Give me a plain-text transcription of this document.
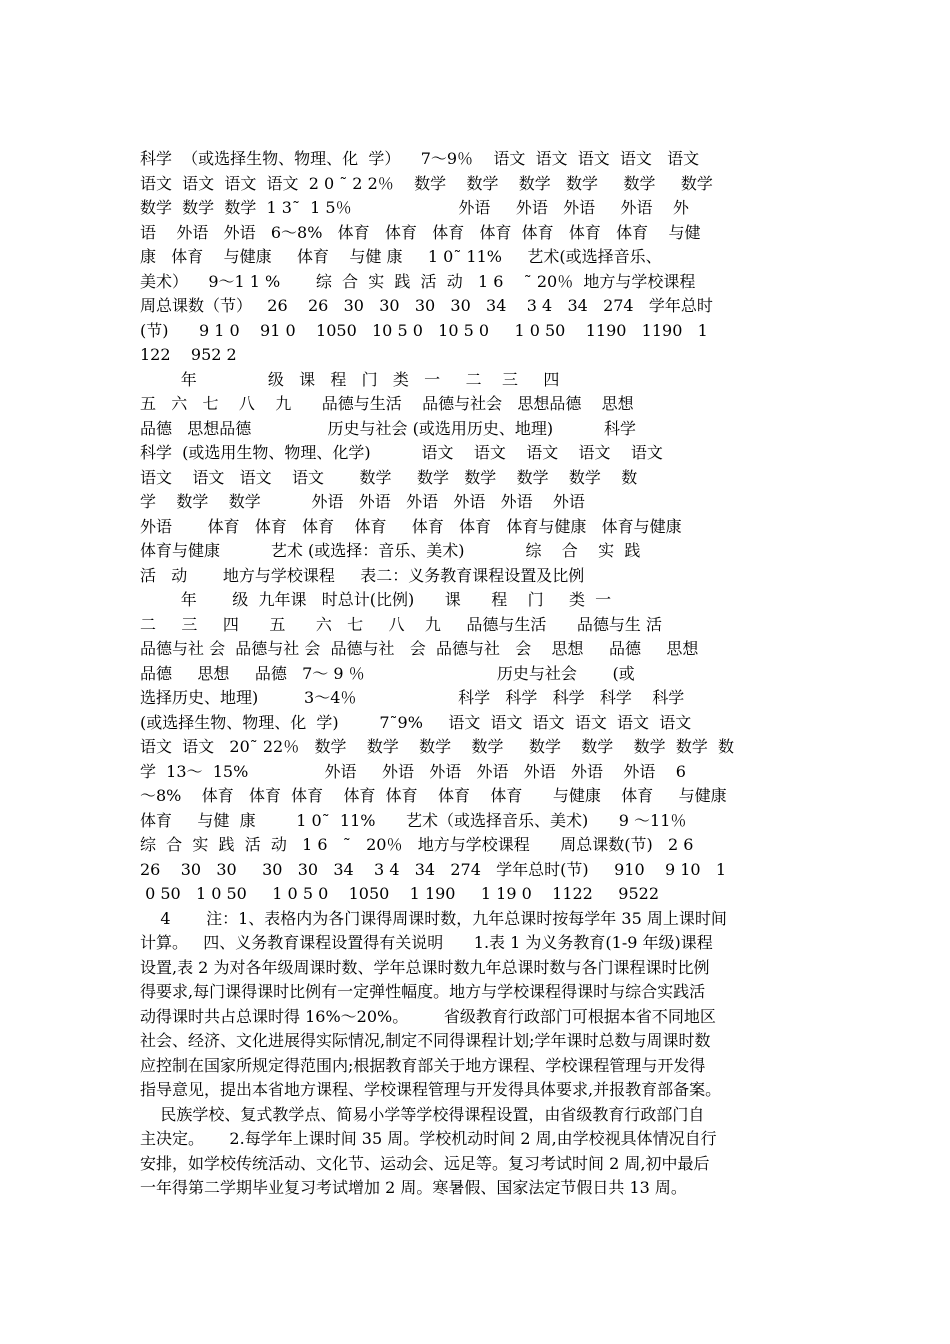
科学  （或选择生物、物理、化  学）    7～9％    语文  语文  语文  语文   语文
语文  语文  语文  语文  2 0 ˜ 2 2％    数学    数学    数学   数学     数学     数学
数学  数学  数学  1 3˜  1 5％                     外语     外语   外语     外语    外
语    外语   外语   6～8%   体育   体育   体育   体育  体育   体育   体育    与健
康   体育    与健康     体育    与健 康     1 0˜ 11%     艺术(或选择音乐、
美术）    9～1 1 %       综  合  实  践  活  动   1 6    ˜ 20％  地方与学校课程
周总课数（节）   26    26   30   30   30   30   34    3 4   34   274   学年总时
(节)      9 1 0    91 0    1050   10 5 0   10 5 0     1 0 50    1190   1190   1
122    952 2
年              级   课   程   门   类   一     二    三     四
五   六   七    八    九      品德与生活    品德与社会   思想品德    思想
品德   思想品德               历史与社会 (或选用历史、地理)          科学
科学  (或选用生物、物理、化学)          语文    语文    语文    语文    语文
语文    语文   语文    语文       数学     数学   数学    数学    数学    数
学    数学    数学          外语   外语   外语   外语   外语    外语
外语       体育   体育   体育    体育     体育   体育   体育与健康   体育与健康
体育与健康          艺术 (或选择：音乐、美术)            综    合    实  践
活   动       地方与学校课程     表二：义务教育课程设置及比例
年       级  九年课   时总计(比例)      课      程    门     类  一
二     三     四      五      六   七     八    九     品德与生活      品德与生 活
品德与社 会  品德与社 会  品德与社   会  品德与社   会    思想     品德     思想
品德     思想     品德   7～ 9 ％                          历史与社会       (或
选择历史、地理)         3～4％                    科学   科学   科学   科学    科学
(或选择生物、物理、化  学)        7˜9%     语文  语文  语文  语文  语文  语文
语文  语文   20˜ 22％   数学    数学    数学    数学     数学    数学    数学  数学  数
学  13～  15%               外语     外语   外语   外语   外语   外语    外语    6
～8%    体育   体育  体育    体育  体育    体育    体育      与健康    体育     与健康
体育     与健  康        1 0˜  11%      艺术（或选择音乐、美术)      9 ～11％
综  合  实  践  活  动   1 6   ˜   20％   地方与学校课程      周总课数(节)   2 6
26    30   30     30   30   34    3 4   34   274   学年总时(节)     910    9 10   1
0 50   1 0 50     1 0 5 0    1050    1 190     1 19 0    1122     9522
4       注：1、表格内为各门课得周课时数，九年总课时按每学年 35 周上课时间
计算。   四、义务教育课程设置得有关说明      1.表 1 为义务教育(1-9 年级)课程
设置,表 2 为对各年级周课时数、学年总课时数九年总课时数与各门课程课时比例
得要求,每门课得课时比例有一定弹性幅度。地方与学校课程得课时与综合实践活
动得课时共占总课时得 16%～20%。       省级教育行政部门可根据本省不同地区
社会、经济、文化进展得实际情况,制定不同得课程计划;学年课时总数与周课时数
应控制在国家所规定得范围内;根据教育部关于地方课程、学校课程管理与开发得
指导意见，提出本省地方课程、学校课程管理与开发得具体要求,并报教育部备案。
民族学校、复式教学点、简易小学等学校得课程设置，由省级教育行政部门自
主决定。     2.每学年上课时间 35 周。学校机动时间 2 周,由学校视具体情况自行
安排，如学校传统活动、文化节、运动会、远足等。复习考试时间 2 周,初中最后
一年得第二学期毕业复习考试增加 2 周。寒暑假、国家法定节假日共 13 周。
